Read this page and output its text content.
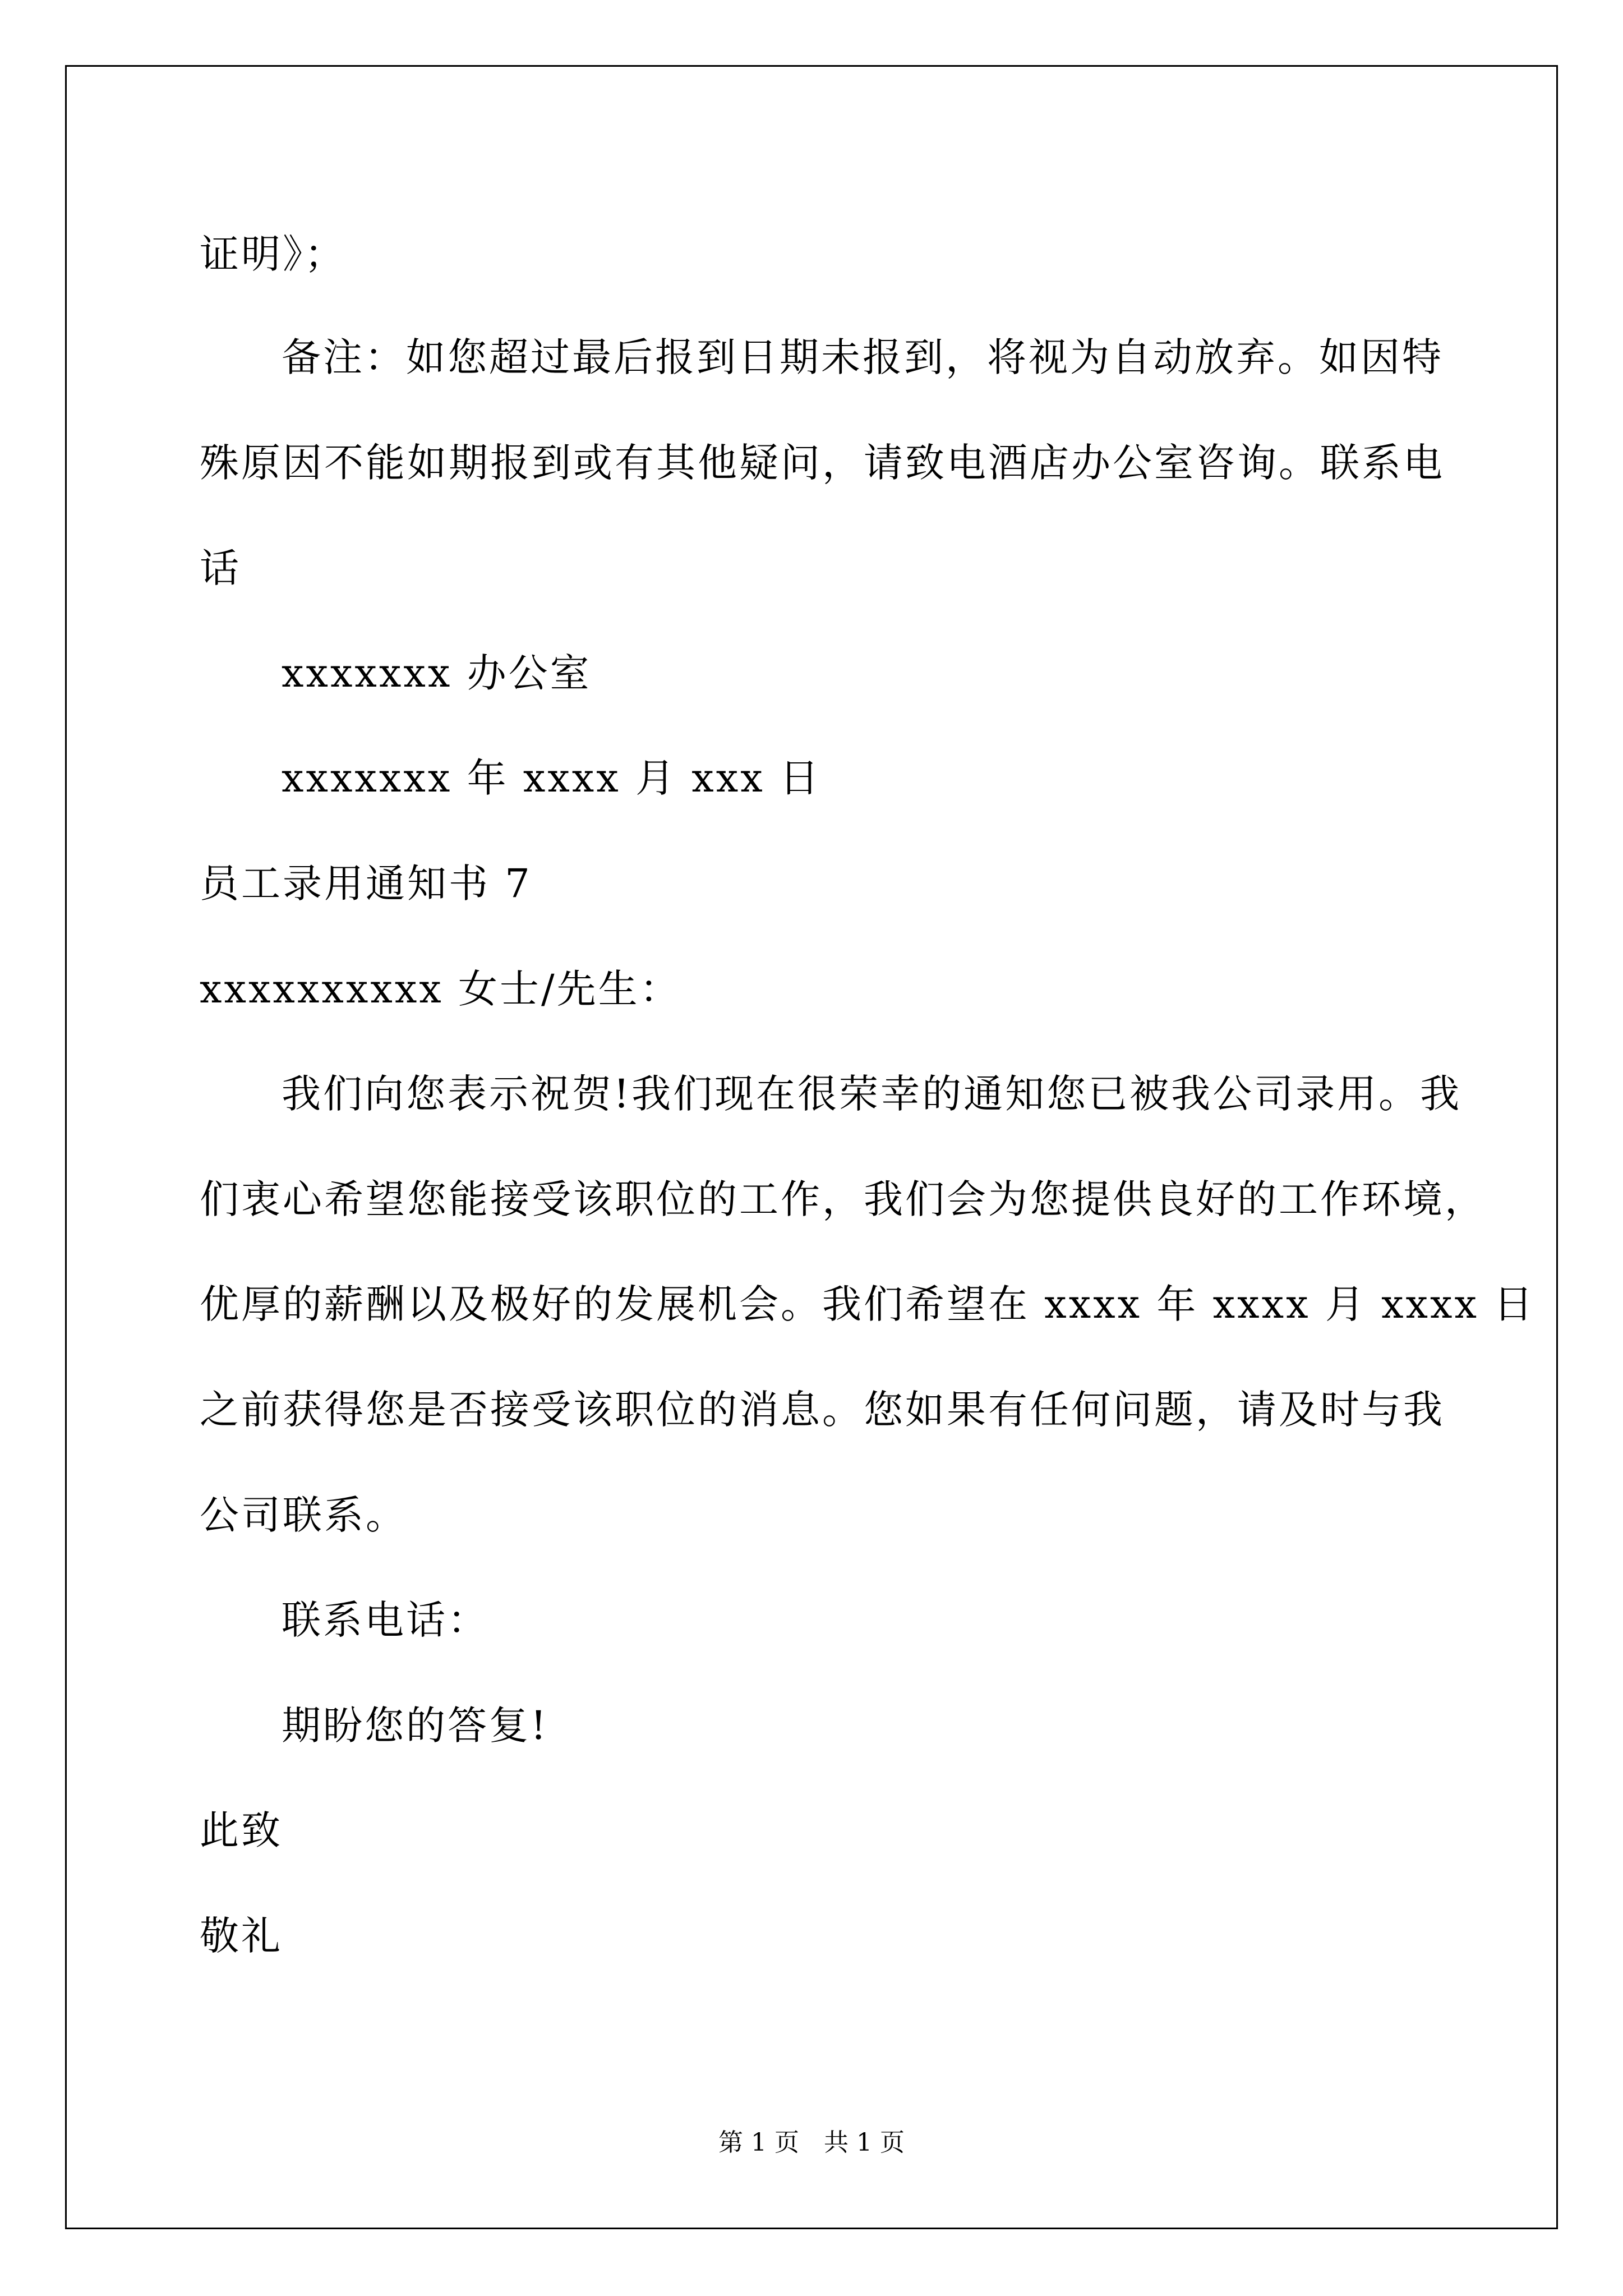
证明》；
备注：如您超过最后报到日期未报到，将视为自动放弃。如因特
殊原因不能如期报到或有其他疑问，请致电酒店办公室咨询。联系电
话
xxxxxxx 办公室
xxxxxxx 年 xxxx 月 xxx 日
员工录用通知书 7
xxxxxxxxxx 女士/先生：
我们向您表示祝贺!我们现在很荣幸的通知您已被我公司录用。我
们衷心希望您能接受该职位的工作，我们会为您提供良好的工作环境，
优厚的薪酬以及极好的发展机会。我们希望在 xxxx 年 xxxx 月 xxxx 日
之前获得您是否接受该职位的消息。您如果有任何问题，请及时与我
公司联系。
联系电话：
期盼您的答复!
此致
敬礼
第 1 页　共 1 页
